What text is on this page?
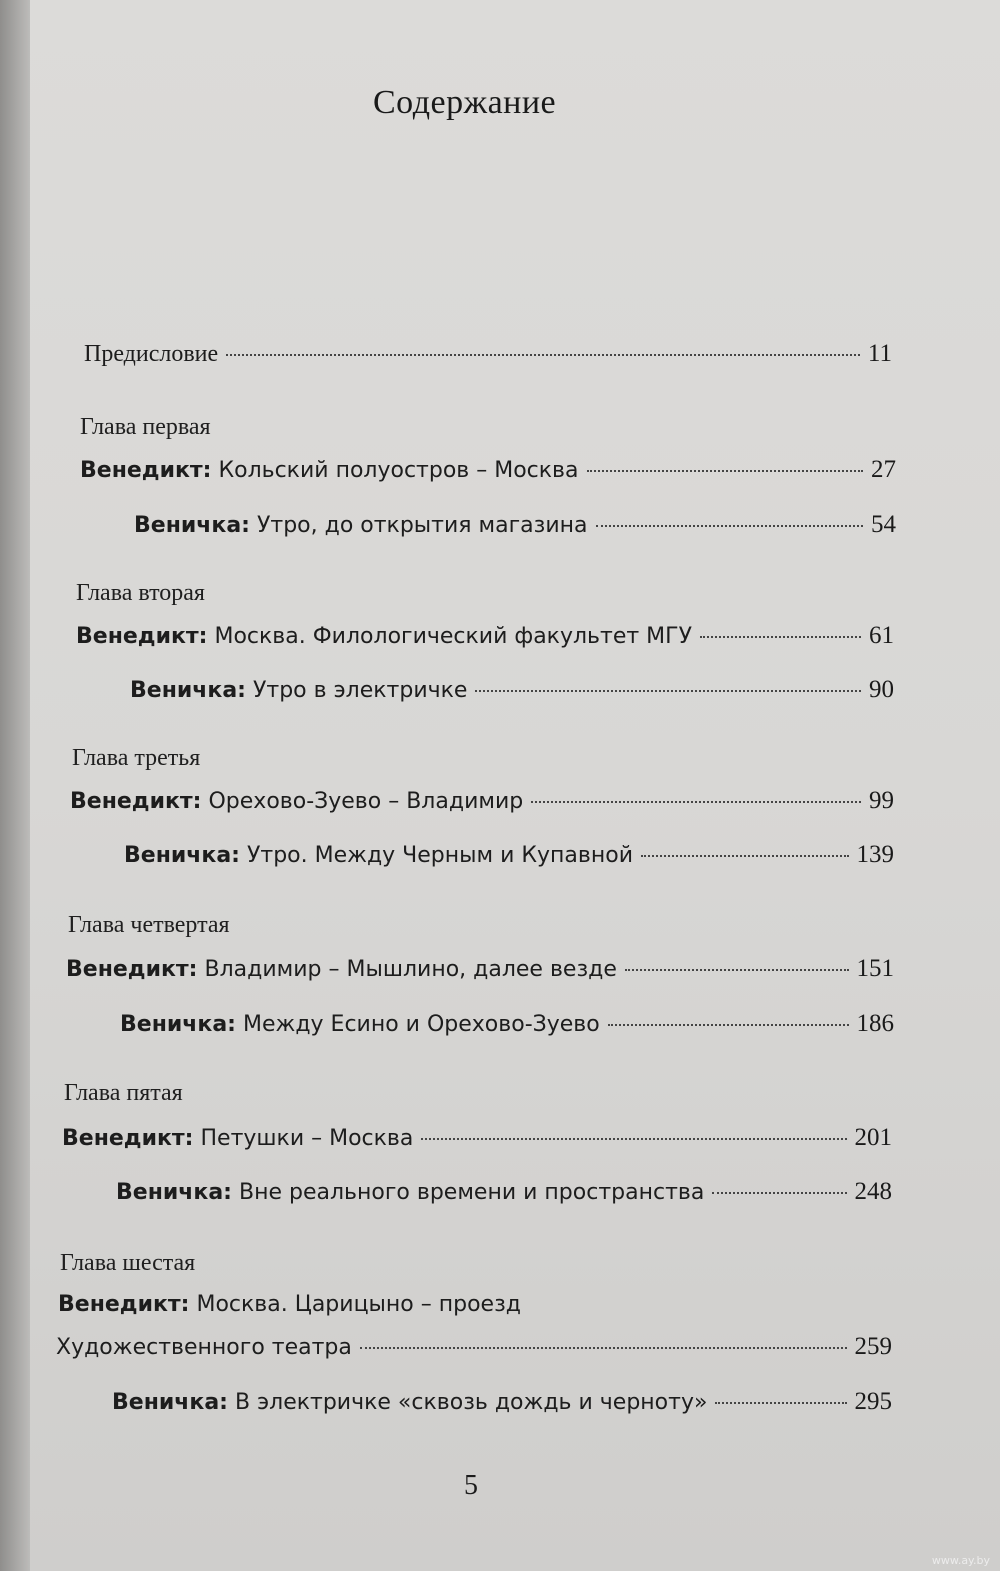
Содержание
Предисловие	11
Глава первая
Венедикт: Кольский полуостров – Москва	27
Веничка: Утро, до открытия магазина	54
Глава вторая
Венедикт: Москва. Филологический факультет МГУ	61
Веничка: Утро в электричке	90
Глава третья
Венедикт: Орехово-Зуево – Владимир	99
Веничка: Утро. Между Черным и Купавной	139
Глава четвертая
Венедикт: Владимир – Мышлино, далее везде	151
Веничка: Между Есино и Орехово-Зуево	186
Глава пятая
Венедикт: Петушки – Москва	201
Веничка: Вне реального времени и пространства	248
Глава шестая
Венедикт: Москва. Царицыно – проезд
Художественного театра	259
Веничка: В электричке «сквозь дождь и черноту»	295
5
www.ay.by
